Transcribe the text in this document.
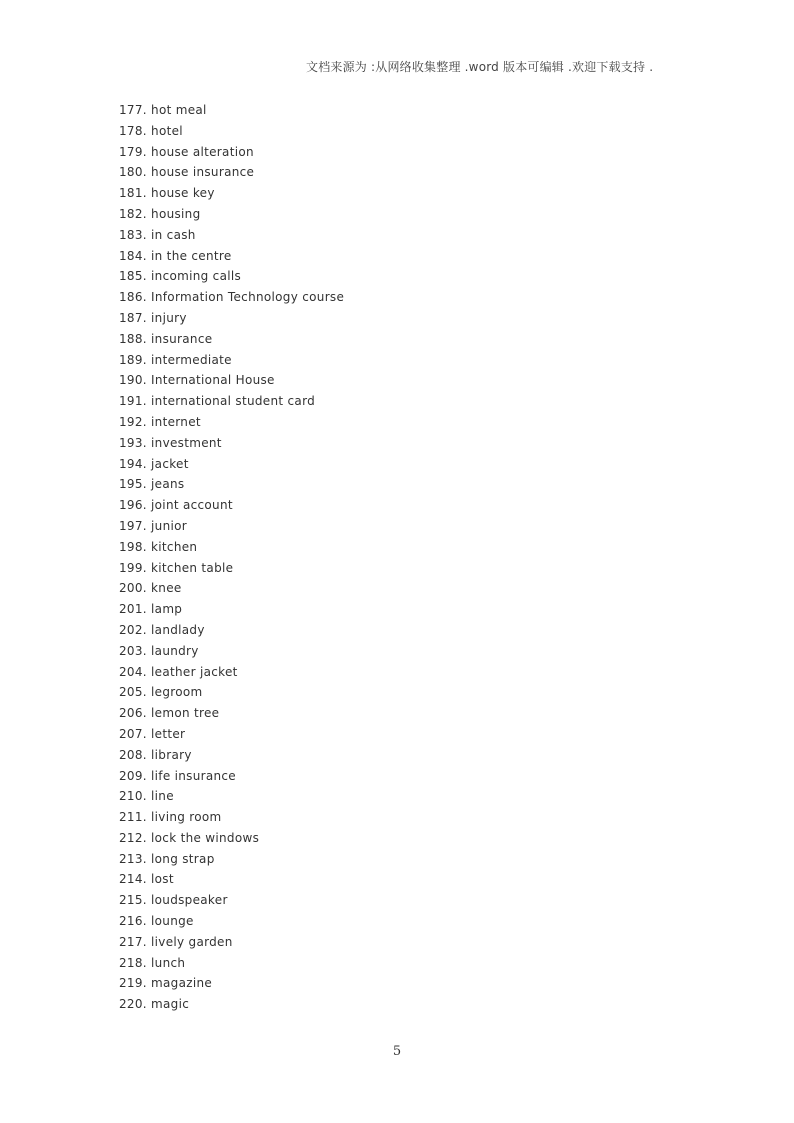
文档来源为 :从网络收集整理 .word 版本可编辑 .欢迎下载支持 .
177. hot meal
178. hotel
179. house alteration
180. house insurance
181. house key
182. housing
183. in cash
184. in the centre
185. incoming calls
186. Information Technology course
187. injury
188. insurance
189. intermediate
190. International House
191. international student card
192. internet
193. investment
194. jacket
195. jeans
196. joint account
197. junior
198. kitchen
199. kitchen table
200. knee
201. lamp
202. landlady
203. laundry
204. leather jacket
205. legroom
206. lemon tree
207. letter
208. library
209. life insurance
210. line
211. living room
212. lock the windows
213. long strap
214. lost
215. loudspeaker
216. lounge
217. lively garden
218. lunch
219. magazine
220. magic
5
